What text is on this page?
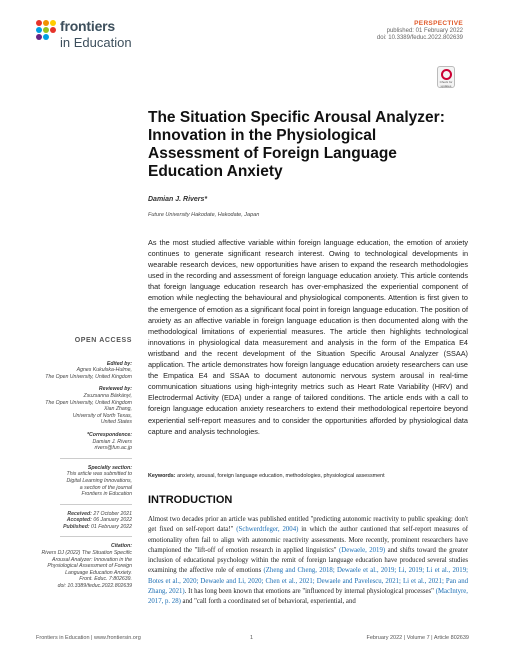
frontiers
in Education
PERSPECTIVE
published: 01 February 2022
doi: 10.3389/feduc.2022.802639
Check for updates
The Situation Specific Arousal Analyzer: Innovation in the Physiological Assessment of Foreign Language Education Anxiety
Damian J. Rivers*
Future University Hakodate, Hakodate, Japan
As the most studied affective variable within foreign language education, the emotion of anxiety continues to generate significant research interest. Owing to technological developments in wearable research devices, new opportunities have arisen to expand the research methodologies used in the recording and assessment of foreign language education anxiety. This article contends that foreign language education research has over-emphasized the experiential component of emotion while neglecting the behavioural and physiological components. Attention is first given to the emergence of emotion as a significant focal point in foreign language education. The position of anxiety as an affective variable in foreign language education is then documented along with the methodological limitations of experiential measures. The article then highlights technological innovations in physiological data measurement and analysis in the form of the Empatica E4 wristband and the recent development of the Situation Specific Arousal Analyzer (SSAA) application. The article demonstrates how foreign language education anxiety researchers can use the Empatica E4 and SSAA to document autonomic nervous system arousal in real-time communication situations using high-integrity metrics such as Heart Rate Variability (HRV) and Electrodermal Activity (EDA) under a range of tailored conditions. The article ends with a call to foreign language education anxiety researchers to extend their methodological repertoire beyond experiential self-report measures and to consider the opportunities afforded by physiological data capture and analysis technologies.
Keywords: anxiety, arousal, foreign language education, methodologies, physiological assessment
INTRODUCTION
Almost two decades prior an article was published entitled "predicting autonomic reactivity to public speaking: don't get fixed on self-report data!" (Schwerdtfeger, 2004) in which the author cautioned that self-report measures of emotionality often fail to align with autonomic reactivity assessments. More recently, prominent researchers have championed the "lift-off of emotion research in applied linguistics" (Dewaele, 2019) and shifts toward the greater inclusion of educational psychology within the remit of foreign language education have produced several studies examining the affective role of emotions (Zheng and Cheng, 2018; Dewaele et al., 2019; Li, 2019; Li et al., 2019; Botes et al., 2020; Dewaele and Li, 2020; Chen et al., 2021; Dewaele and Pavelescu, 2021; Li et al., 2021; Pan and Zhang, 2021). It has long been known that emotions are "influenced by internal physiological processes" (MacIntyre, 2017, p. 28) and "call forth a coordinated set of behavioral, experiential, and
OPEN ACCESS
Edited by:
Agnes Kukulska-Hulme,
The Open University, United Kingdom
Reviewed by:
Zsuzsanna Bárkányi,
The Open University, United Kingdom
Xian Zhang,
University of North Texas,
United States
*Correspondence:
Damian J. Rivers
rivers@fun.ac.jp
Specialty section:
This article was submitted to
Digital Learning Innovations,
a section of the journal
Frontiers in Education
Received: 27 October 2021
Accepted: 06 January 2022
Published: 01 February 2022
Citation:
Rivers DJ (2022) The Situation Specific
Arousal Analyzer: Innovation in the
Physiological Assessment of Foreign
Language Education Anxiety.
Front. Educ. 7:802639.
doi: 10.3389/feduc.2022.802639
Frontiers in Education | www.frontiersin.org	1	February 2022 | Volume 7 | Article 802639
